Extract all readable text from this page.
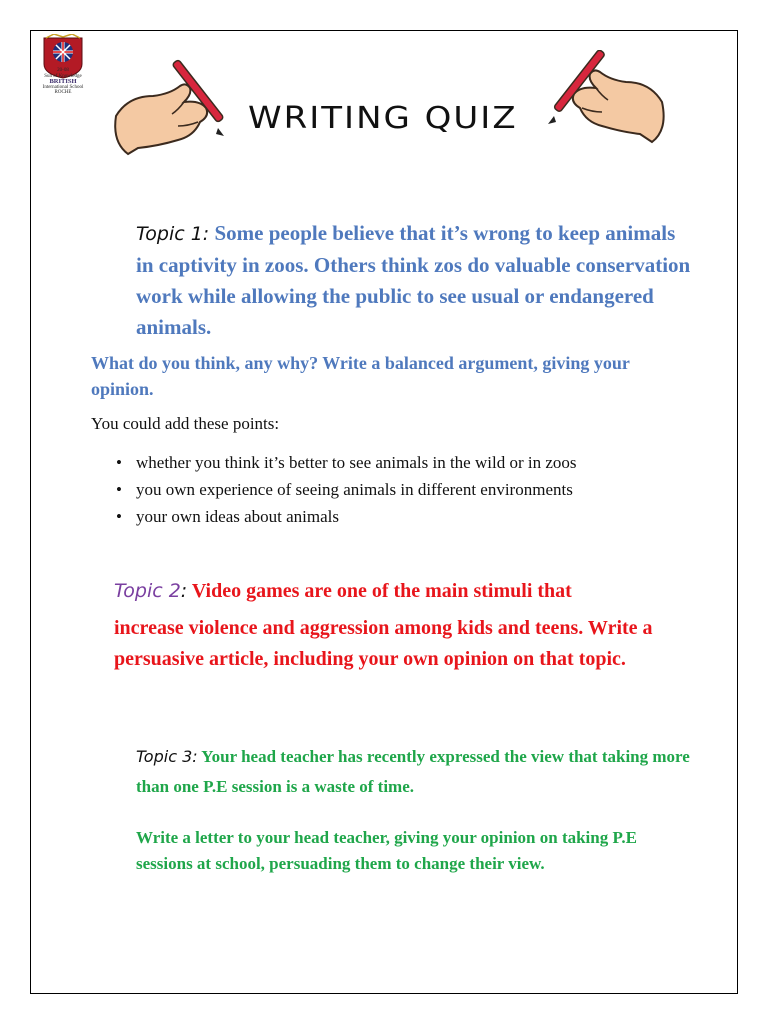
20-08
Sun of Knowledge
BRITISH
International School
ROCHE
WRITING QUIZ
Topic 1: Some people believe that it’s wrong to keep animals in captivity in zoos. Others think zos do valuable conservation work while allowing the public to see usual or endangered animals.
What do you think, any why? Write a balanced argument, giving your opinion.
You could add these points:
• whether you think it’s better to see animals in the wild or in zoos
• you own experience of seeing animals in different environments
• your own ideas about animals
Topic 2: Video games are one of the main stimuli that
increase violence and aggression among kids and teens. Write a persuasive article, including your own opinion on that topic.
Topic 3: Your head teacher has recently expressed the view that taking more than one P.E session is a waste of time.
Write a letter to your head teacher, giving your opinion on taking P.E sessions at school, persuading them to change their view.
